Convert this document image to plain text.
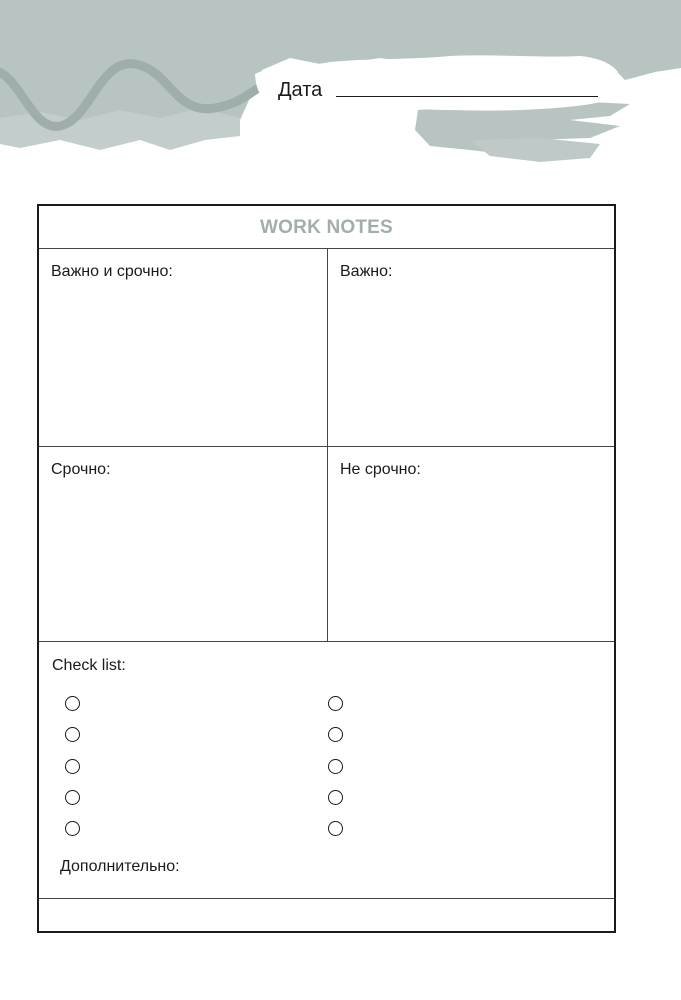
Дата
WORK NOTES
Важно и срочно:	Важно:
Срочно:	Не срочно:
Check list:
Дополнительно:
